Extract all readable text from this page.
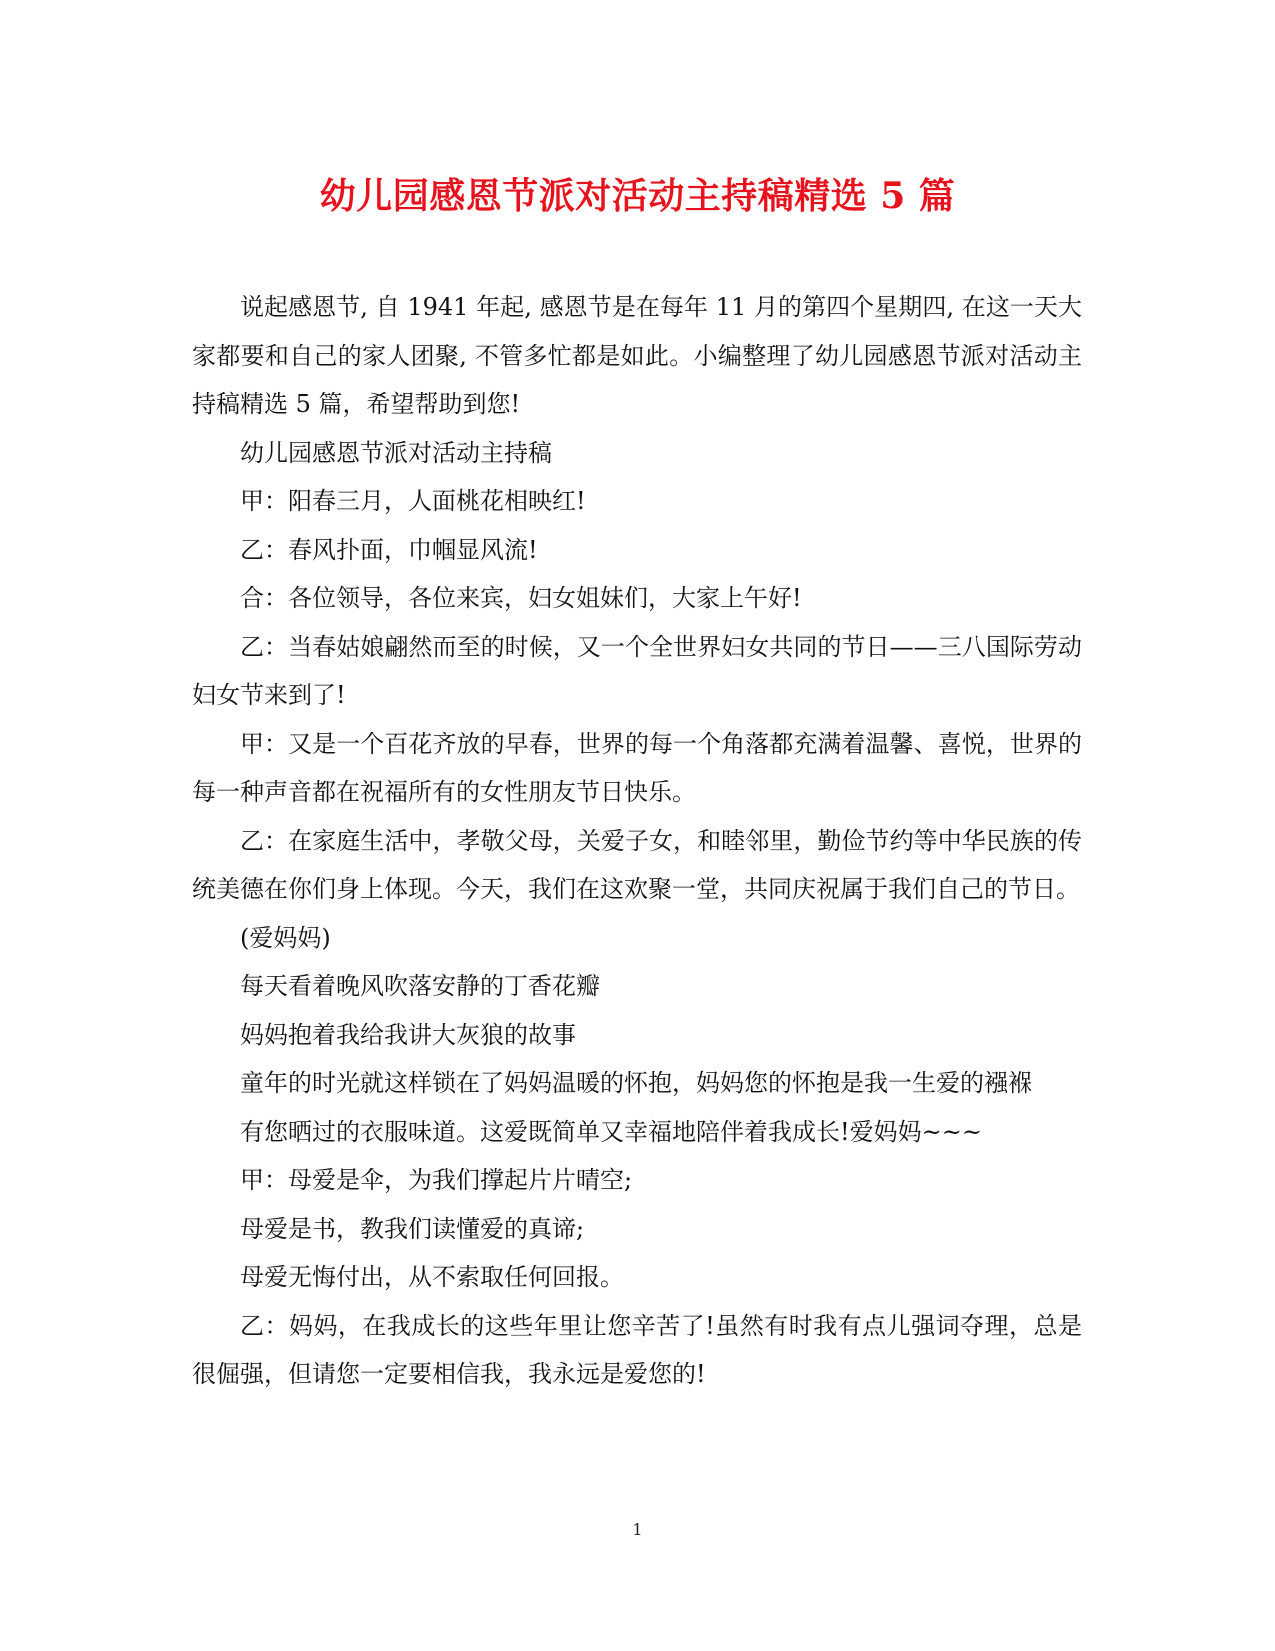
幼儿园感恩节派对活动主持稿精选 5 篇

说起感恩节, 自 1941 年起, 感恩节是在每年 11 月的第四个星期四, 在这一天大家都要和自己的家人团聚, 不管多忙都是如此。小编整理了幼儿园感恩节派对活动主持稿精选 5 篇，希望帮助到您!

幼儿园感恩节派对活动主持稿

甲：阳春三月，人面桃花相映红!

乙：春风扑面，巾帼显风流!

合：各位领导，各位来宾，妇女姐妹们，大家上午好!

乙：当春姑娘翩然而至的时候，又一个全世界妇女共同的节日——三八国际劳动妇女节来到了!

甲：又是一个百花齐放的早春，世界的每一个角落都充满着温馨、喜悦，世界的每一种声音都在祝福所有的女性朋友节日快乐。

乙：在家庭生活中，孝敬父母，关爱子女，和睦邻里，勤俭节约等中华民族的传统美德在你们身上体现。今天，我们在这欢聚一堂，共同庆祝属于我们自己的节日。

(爱妈妈)

每天看着晚风吹落安静的丁香花瓣

妈妈抱着我给我讲大灰狼的故事

童年的时光就这样锁在了妈妈温暖的怀抱，妈妈您的怀抱是我一生爱的襁褓

有您晒过的衣服味道。这爱既简单又幸福地陪伴着我成长!爱妈妈~~~

甲：母爱是伞，为我们撑起片片晴空;

母爱是书，教我们读懂爱的真谛;

母爱无悔付出，从不索取任何回报。

乙：妈妈，在我成长的这些年里让您辛苦了!虽然有时我有点儿强词夺理，总是很倔强，但请您一定要相信我，我永远是爱您的!

1
